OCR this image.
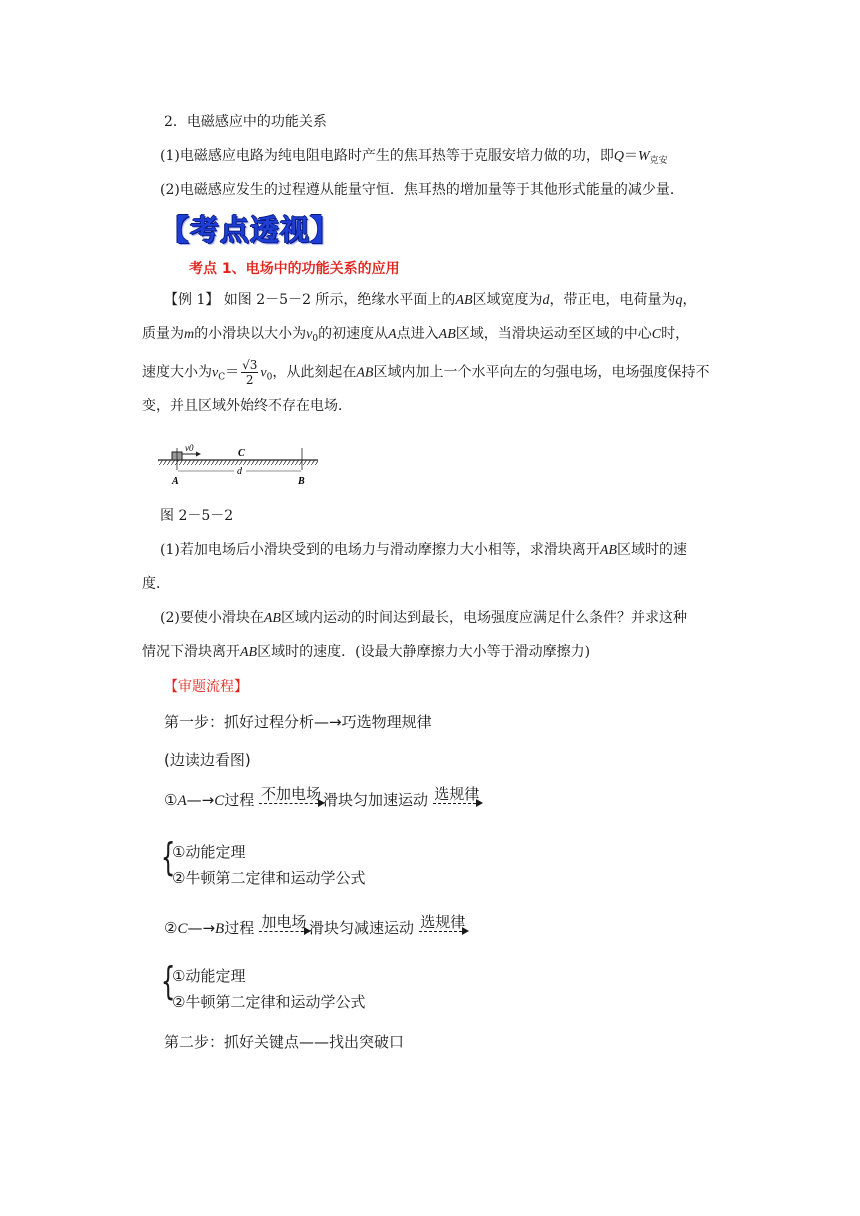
2．电磁感应中的功能关系
(1)电磁感应电路为纯电阻电路时产生的焦耳热等于克服安培力做的功，即$Q=W_{克安}$
(2)电磁感应发生的过程遵从能量守恒．焦耳热的增加量等于其他形式能量的减少量．
【考点透视】
考点 1、电场中的功能关系的应用
【例 1】 如图 2－5－2 所示，绝缘水平面上的AB区域宽度为d，带正电，电荷量为q，
质量为m的小滑块以大小为$v_0$的初速度从A点进入AB区域，当滑块运动至区域的中心C时，
速度大小为$v_C= \frac{√3}{2} v_0$，从此刻起在AB区域内加上一个水平向左的匀强电场，电场强度保持不
变，并且区域外始终不存在电场．
v0	C
d
A	B
图 2－5－2
(1)若加电场后小滑块受到的电场力与滑动摩擦力大小相等，求滑块离开AB区域时的速
度．
(2)要使小滑块在AB区域内运动的时间达到最长，电场强度应满足什么条件？并求这种
情况下滑块离开AB区域时的速度．(设最大静摩擦力大小等于滑动摩擦力)
【审题流程】
第一步：抓好过程分析—→巧选物理规律
(边读边看图)
①A—→C过程 不加电场 滑块匀加速运动 选规律
{
①动能定理
②牛顿第二定律和运动学公式
②C—→B过程 加电场 滑块匀减速运动 选规律
{
①动能定理
②牛顿第二定律和运动学公式
第二步：抓好关键点——找出突破口
